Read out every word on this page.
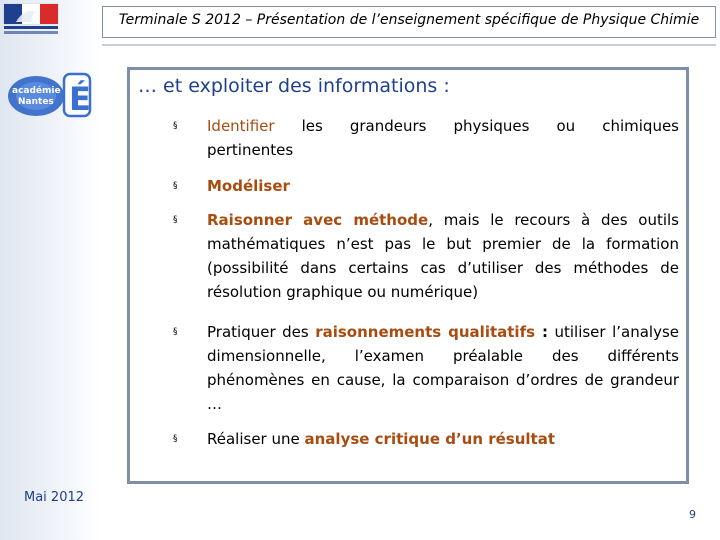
académie
Nantes É
Terminale S 2012 – Présentation de l’enseignement spécifique de Physique Chimie
… et exploiter des informations :
§ Identifier les grandeurs physiques ou chimiques
pertinentes
§ Modéliser
§ Raisonner avec méthode, mais le recours à des outils mathématiques n’est pas le but premier de la formation (possibilité dans certains cas d’utiliser des méthodes de résolution graphique ou numérique)
§ Pratiquer des raisonnements qualitatifs : utiliser l’analyse dimensionnelle, l’examen préalable des différents phénomènes en cause, la comparaison d’ordres de grandeur …
§ Réaliser une analyse critique d’un résultat
Mai 2012
9
